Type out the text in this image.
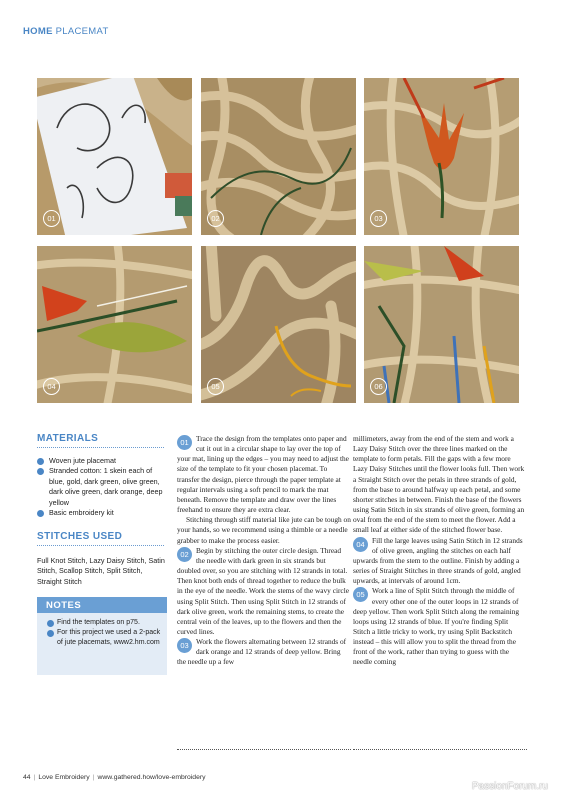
HOME PLACEMAT
01	02	03
04	05	06
MATERIALS
Woven jute placemat
Stranded cotton: 1 skein each of blue, gold, dark green, olive green, dark olive green, dark orange, deep yellow
Basic embroidery kit
STITCHES USED
Full Knot Stitch, Lazy Daisy Stitch, Satin Stitch, Scallop Stitch, Split Stitch, Straight Stitch
NOTES

Find the templates on p75.

For this project we used a 2-pack of jute placemats, www2.hm.com

01 Trace the design from the templates onto paper and cut it out in a circular shape to lay over the top of your mat, lining up the edges – you may need to adjust the size of the template to fit your chosen placemat. To transfer the design, pierce through the paper template at regular intervals using a soft pencil to mark the mat beneath. Remove the template and draw over the lines freehand to ensure they are extra clear.

Stitching through stiff material like jute can be tough on your hands, so we recommend using a thimble or a needle grabber to make the process easier.

02 Begin by stitching the outer circle design. Thread the needle with dark green in six strands but doubled over, so you are stitching with 12 strands in total. Then knot both ends of thread together to reduce the bulk in the eye of the needle. Work the stems of the wavy circle using Split Stitch. Then using Split Stitch in 12 strands of dark olive green, work the remaining stems, to create the central vein of the leaves, up to the flowers and then the curved lines.

03 Work the flowers alternating between 12 strands of dark orange and 12 strands of deep yellow. Bring the needle up a few

millimeters, away from the end of the stem and work a Lazy Daisy Stitch over the three lines marked on the template to form petals. Fill the gaps with a few more Lazy Daisy Stitches until the flower looks full. Then work a Straight Stitch over the petals in three strands of gold, from the base to around halfway up each petal, and some shorter stitches in between. Finish the base of the flowers using Satin Stitch in six strands of olive green, forming an oval from the end of the stem to meet the flower. Add a small leaf at either side of the stitched flower base.

04 Fill the large leaves using Satin Stitch in 12 strands of olive green, angling the stitches on each half upwards from the stem to the outline. Finish by adding a series of Straight Stitches in three strands of gold, angled upwards, at intervals of around 1cm.

05 Work a line of Split Stitch through the middle of every other one of the outer loops in 12 strands of deep yellow. Then work Split Stitch along the remaining loops using 12 strands of blue. If you're finding Split Stitch a little tricky to work, try using Split Backstitch instead – this will allow you to split the thread from the front of the work, rather than trying to guess with the needle coming

44 | Love Embroidery | www.gathered.how/love-embroidery
PassionForum.ru
